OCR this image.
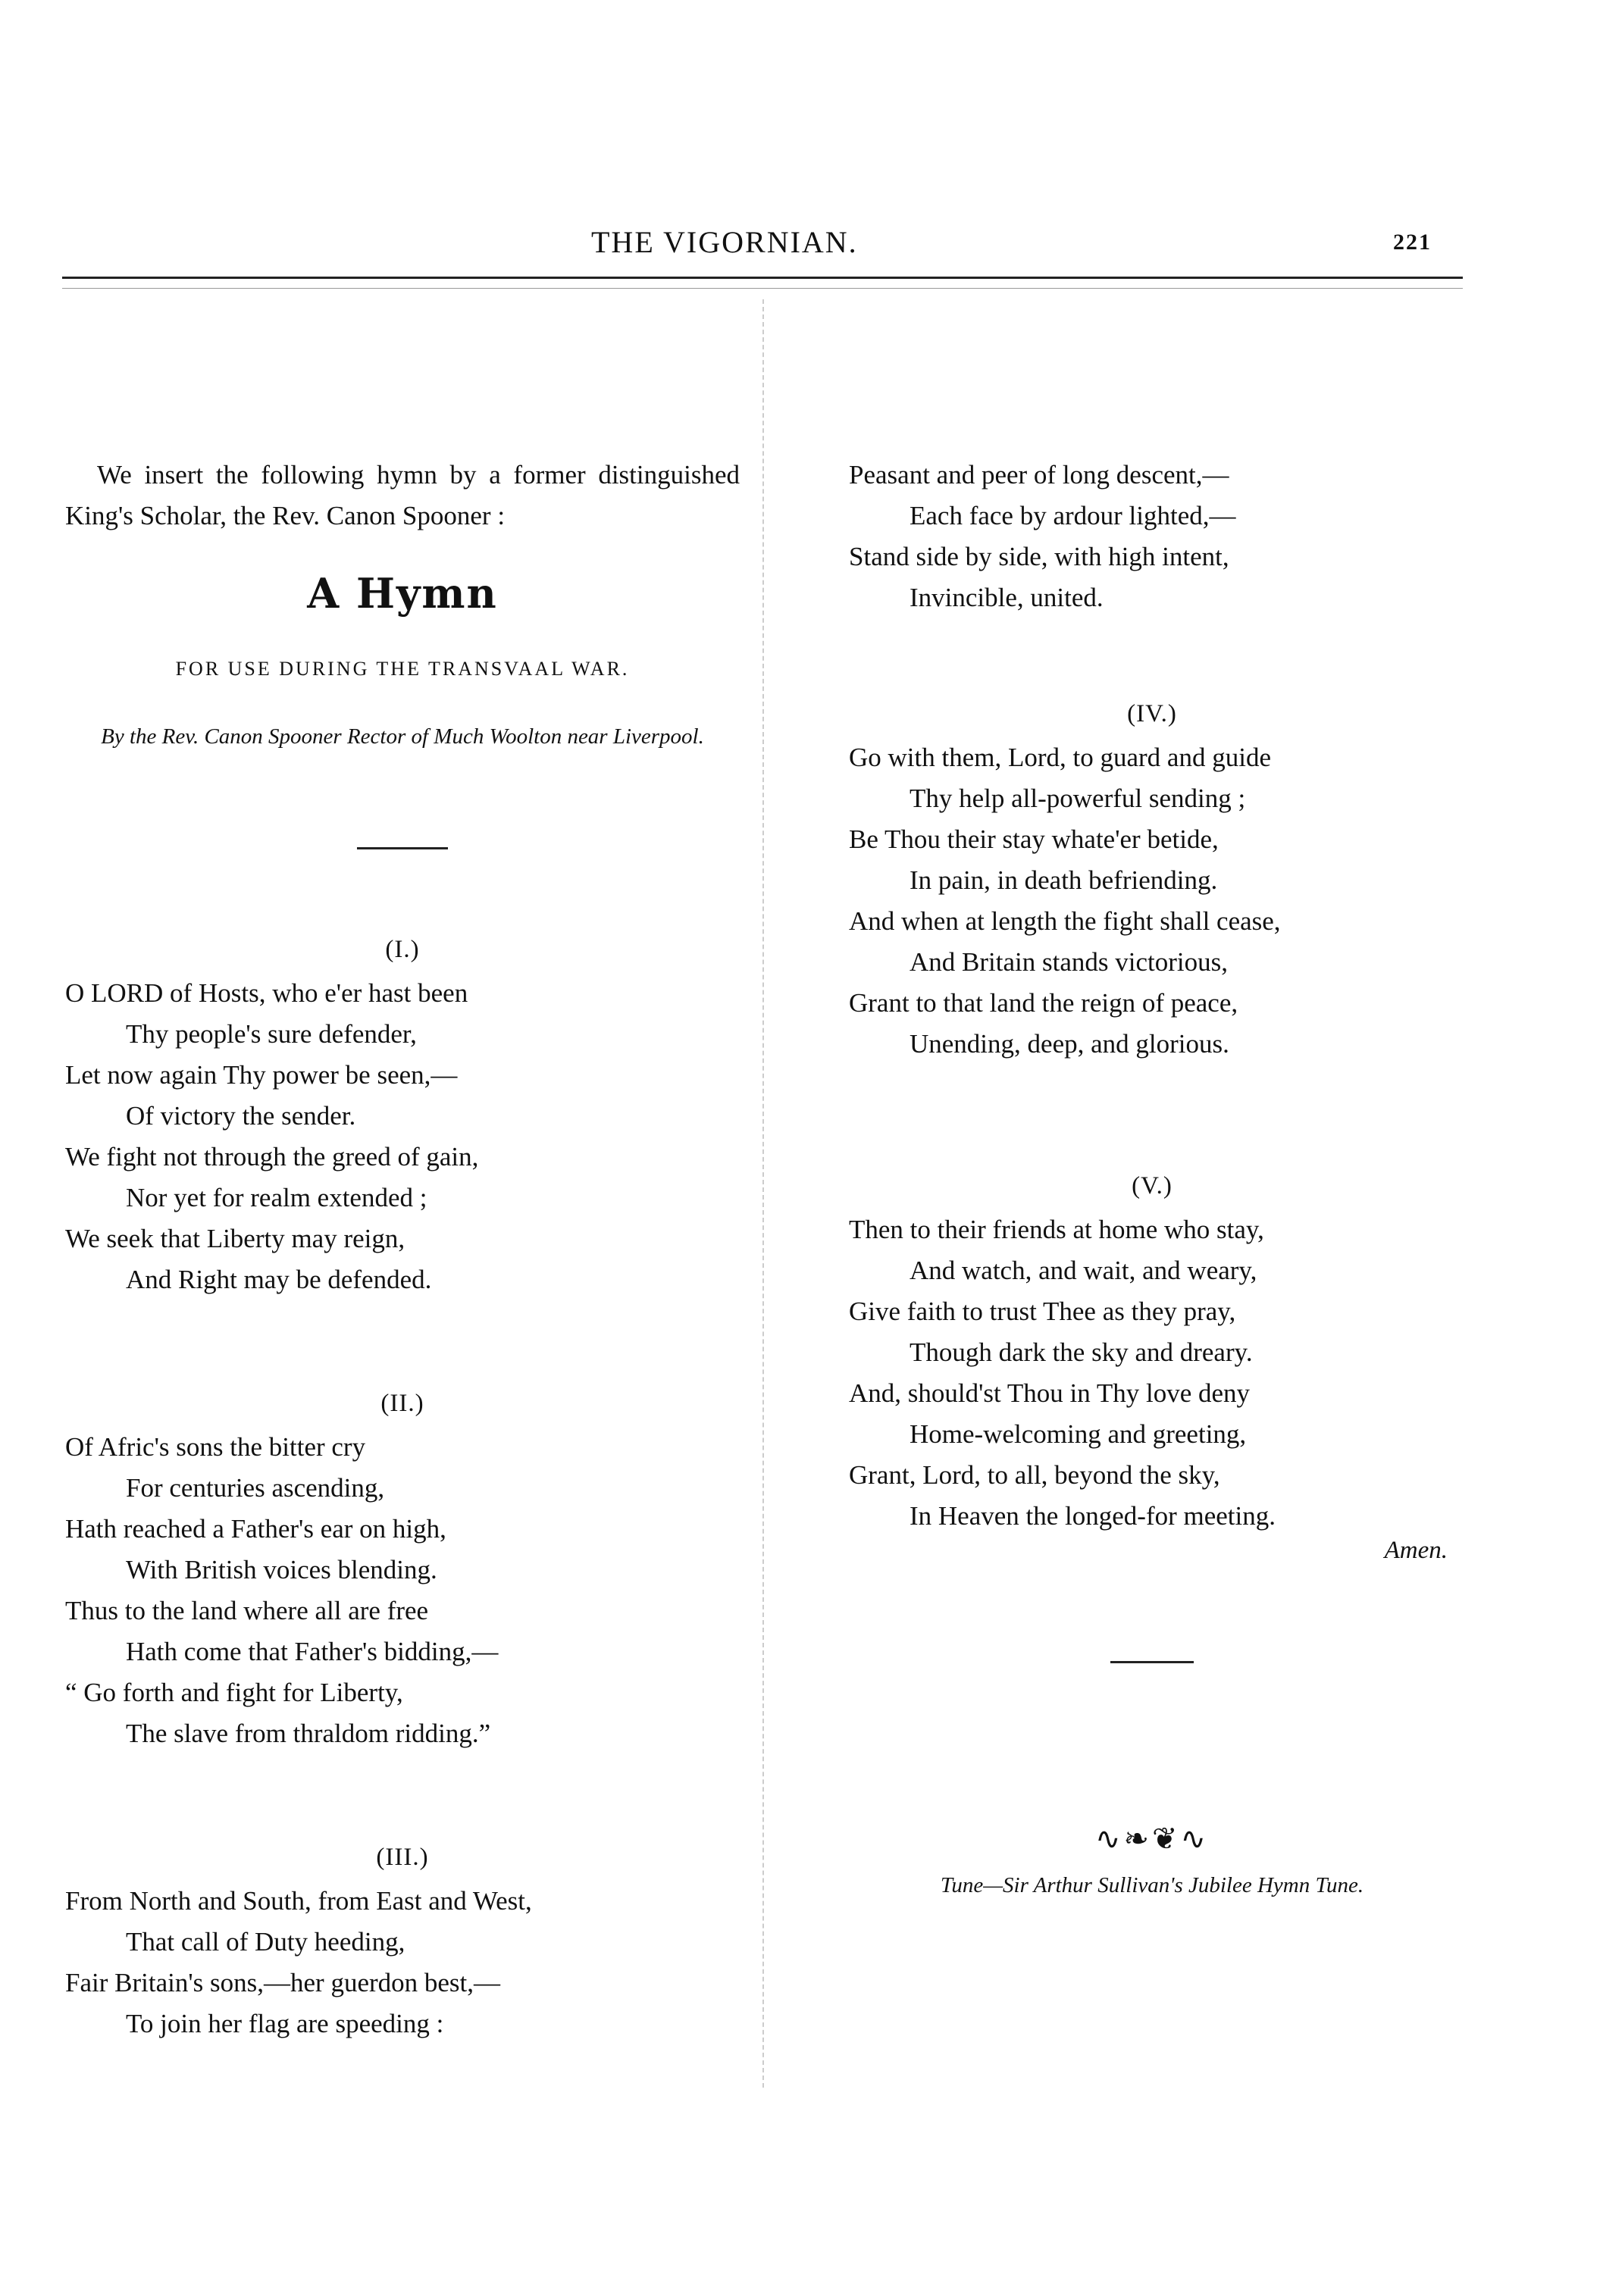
THE VIGORNIAN.	221

We insert the following hymn by a former distinguished King's Scholar, the Rev. Canon Spooner :

A Hymn
FOR USE DURING THE TRANSVAAL WAR.
By the Rev. Canon Spooner Rector of Much Woolton near Liverpool.
(I.)
O LORD of Hosts, who e'er hast been
Thy people's sure defender,
Let now again Thy power be seen,—
Of victory the sender.
We fight not through the greed of gain,
Nor yet for realm extended ;
We seek that Liberty may reign,
And Right may be defended.
(II.)
Of Afric's sons the bitter cry
For centuries ascending,
Hath reached a Father's ear on high,
With British voices blending.
Thus to the land where all are free
Hath come that Father's bidding,—
“ Go forth and fight for Liberty,
The slave from thraldom ridding.”
(III.)
From North and South, from East and West,
That call of Duty heeding,
Fair Britain's sons,—her guerdon best,—
To join her flag are speeding :
Peasant and peer of long descent,—
Each face by ardour lighted,—
Stand side by side, with high intent,
Invincible, united.
(IV.)
Go with them, Lord, to guard and guide
Thy help all-powerful sending ;
Be Thou their stay whate'er betide,
In pain, in death befriending.
And when at length the fight shall cease,
And Britain stands victorious,
Grant to that land the reign of peace,
Unending, deep, and glorious.
(V.)
Then to their friends at home who stay,
And watch, and wait, and weary,
Give faith to trust Thee as they pray,
Though dark the sky and dreary.
And, should'st Thou in Thy love deny
Home-welcoming and greeting,
Grant, Lord, to all, beyond the sky,
In Heaven the longed-for meeting.
Amen.
∿❧❦∿
Tune—Sir Arthur Sullivan's Jubilee Hymn Tune.
